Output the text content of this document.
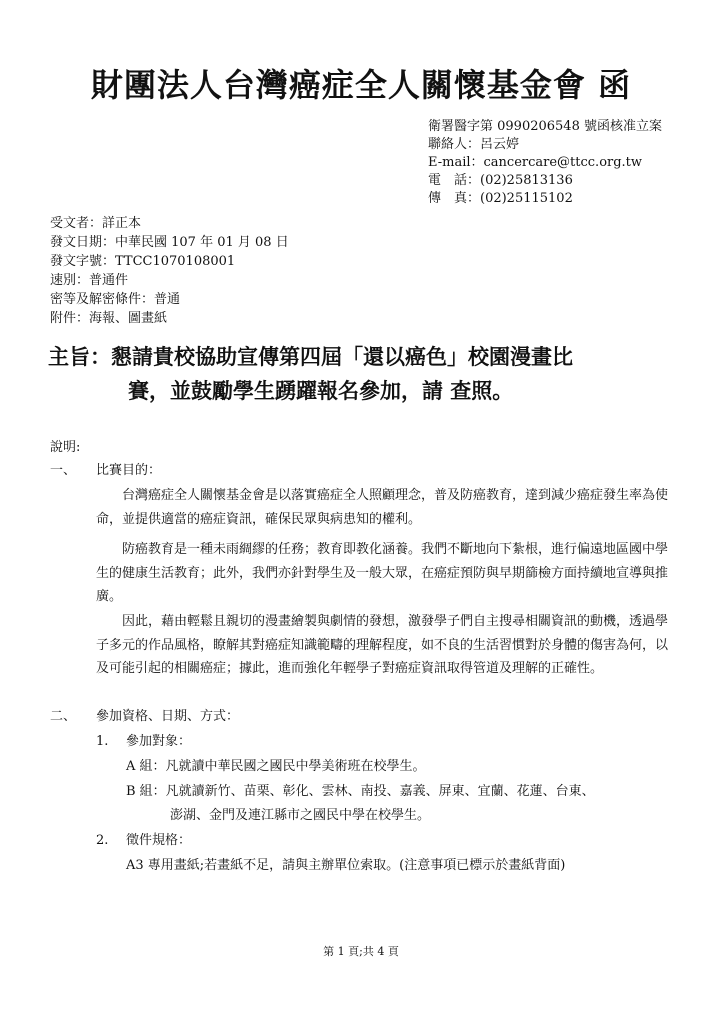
財團法人台灣癌症全人關懷基金會 函
衛署醫字第 0990206548 號函核准立案
聯絡人：呂云婷
E-mail：cancercare@ttcc.org.tw
電　話：(02)25813136
傳　真：(02)25115102
受文者：詳正本
發文日期：中華民國 107 年 01 月 08 日
發文字號：TTCC1070108001
速別：普通件
密等及解密條件：普通
附件：海報、圖畫紙
主旨：懇請貴校協助宣傳第四屆「還以癌色」校園漫畫比
賽，並鼓勵學生踴躍報名參加，請 查照。
說明:
一、 比賽目的：
台灣癌症全人關懷基金會是以落實癌症全人照顧理念，普及防癌教育，達到減少癌症發生率為使命，並提供適當的癌症資訊，確保民眾與病患知的權利。
防癌教育是一種未雨綢繆的任務；教育即教化涵養。我們不斷地向下紮根，進行偏遠地區國中學生的健康生活教育；此外，我們亦針對學生及一般大眾，在癌症預防與早期篩檢方面持續地宣導與推廣。
因此，藉由輕鬆且親切的漫畫繪製與劇情的發想，激發學子們自主搜尋相關資訊的動機，透過學子多元的作品風格，瞭解其對癌症知識範疇的理解程度，如不良的生活習慣對於身體的傷害為何，以及可能引起的相關癌症；據此，進而強化年輕學子對癌症資訊取得管道及理解的正確性。
二、 參加資格、日期、方式：
1. 參加對象：
A 組：凡就讀中華民國之國民中學美術班在校學生。
B 組：凡就讀新竹、苗栗、彰化、雲林、南投、嘉義、屏東、宜蘭、花蓮、台東、
澎湖、金門及連江縣市之國民中學在校學生。
2. 徵件規格：
A3 專用畫紙;若畫紙不足，請與主辦單位索取。(注意事項已標示於畫紙背面)
第 1 頁;共 4 頁
